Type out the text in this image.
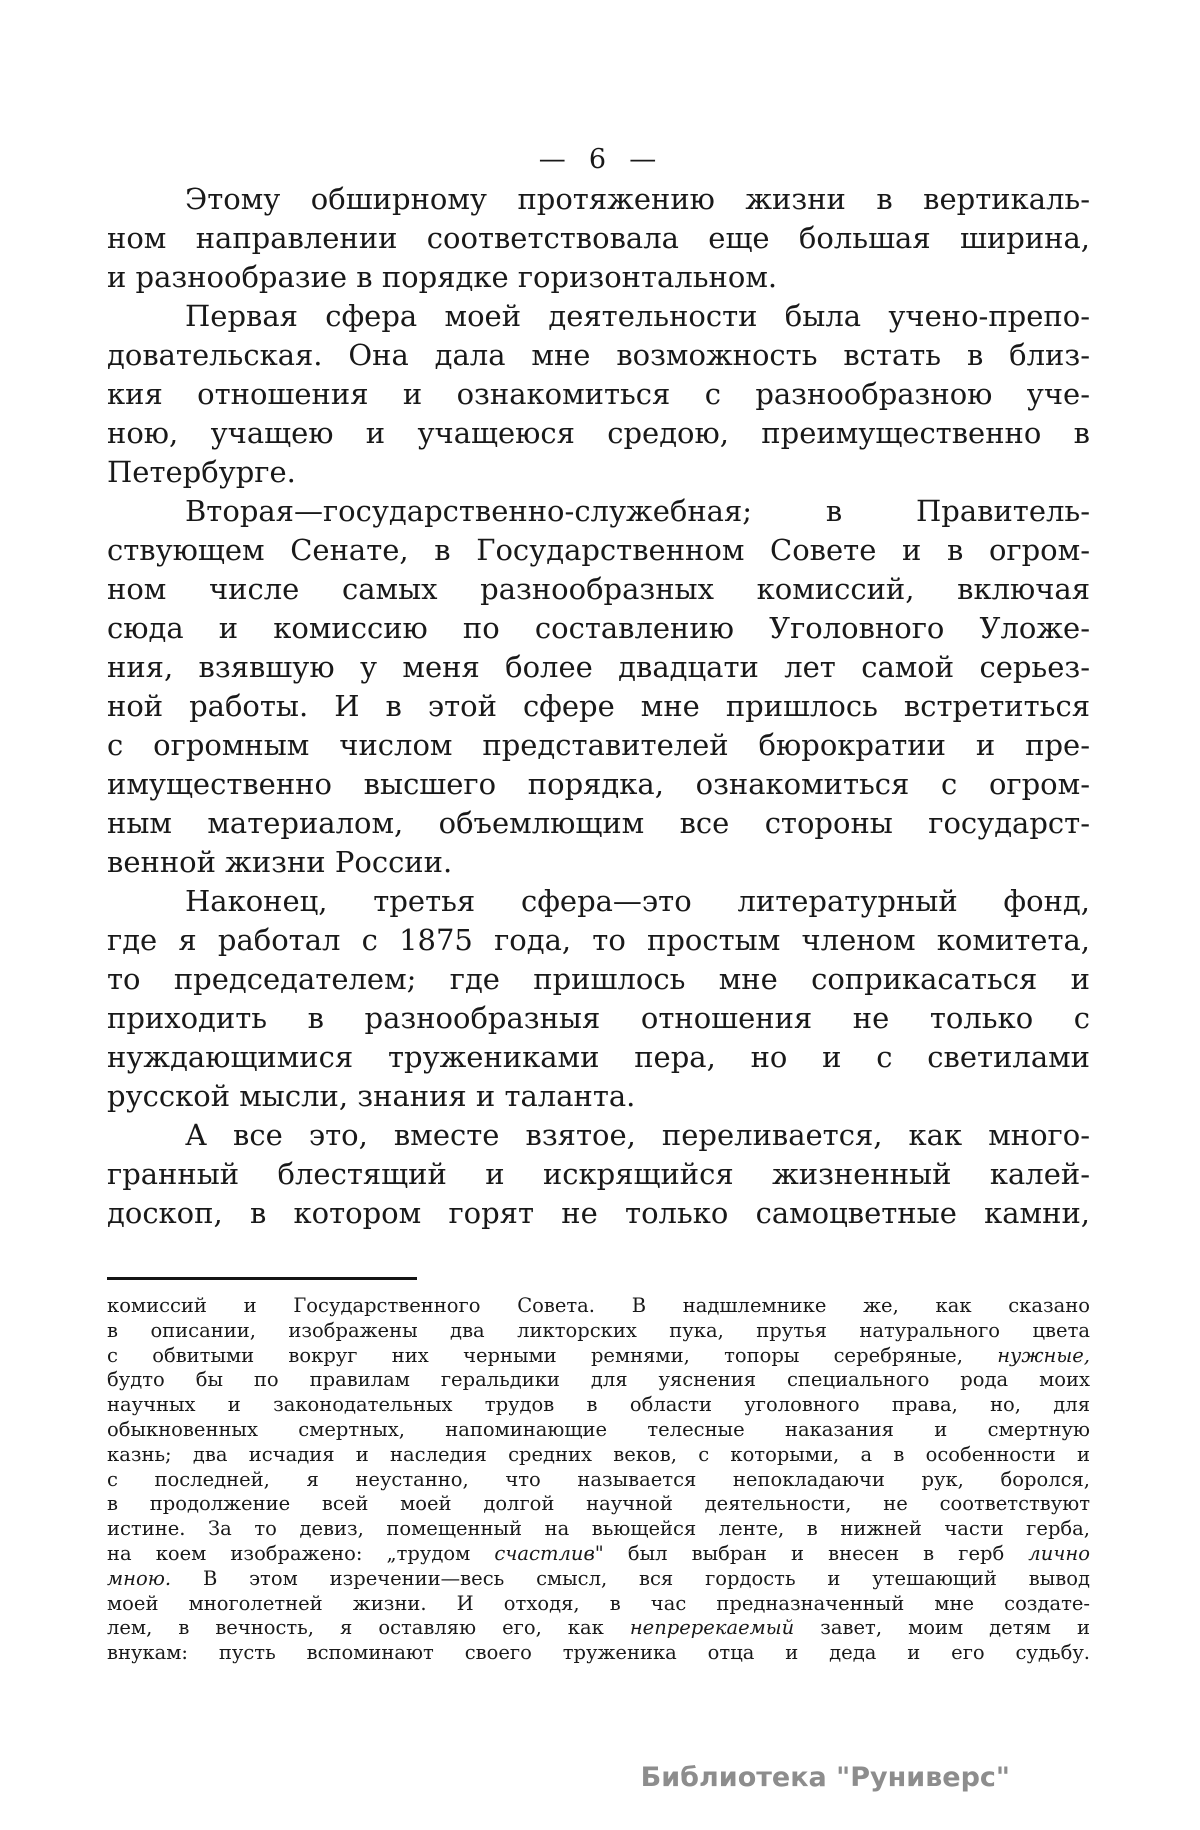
—  6  —
Этому обширному протяжению жизни в вертикаль-
ном направлении соответствовала еще большая ширина,
и разнообразие в порядке горизонтальном.
Первая сфера моей деятельности была учено-препо-
довательская. Она дала мне возможность встать в близ-
кия отношения и ознакомиться с разнообразною уче-
ною, учащею и учащеюся средою, преимущественно в
Петербурге.
Вторая—государственно-служебная; в Правитель-
ствующем Сенате, в Государственном Совете и в огром-
ном числе самых разнообразных комиссий, включая
сюда и комиссию по составлению Уголовного Уложе-
ния, взявшую у меня более двадцати лет самой серьез-
ной работы. И в этой сфере мне пришлось встретиться
с огромным числом представителей бюрократии и пре-
имущественно высшего порядка, ознакомиться с огром-
ным материалом, объемлющим все стороны государст-
венной жизни России.
Наконец, третья сфера—это литературный фонд,
где я работал с 1875 года, то простым членом комитета,
то председателем; где пришлось мне соприкасаться и
приходить в разнообразныя отношения не только с
нуждающимися тружениками пера, но и с светилами
русской мысли, знания и таланта.
А все это, вместе взятое, переливается, как много-
гранный блестящий и искрящийся жизненный калей-
доскоп, в котором горят не только самоцветные камни,
комиссий и Государственного Совета. В надшлемнике же, как сказано
в описании, изображены два ликторских пука, прутья натурального цвета
с обвитыми вокруг них черными ремнями, топоры серебряные, нужные,
будто бы по правилам геральдики для уяснения специального рода моих
научных и законодательных трудов в области уголовного права, но, для
обыкновенных смертных, напоминающие телесные наказания и смертную
казнь; два исчадия и наследия средних веков, с которыми, а в особенности и
с последней, я неустанно, что называется непокладаючи рук, боролся,
в продолжение всей моей долгой научной деятельности, не соответствуют
истине. За то девиз, помещенный на вьющейся ленте, в нижней части герба,
на коем изображено: „трудом счастлив" был выбран и внесен в герб лично
мною. В этом изречении—весь смысл, вся гордость и утешающий вывод
моей многолетней жизни. И отходя, в час предназначенный мне создате-
лем, в вечность, я оставляю его, как непререкаемый завет, моим детям и
внукам: пусть вспоминают своего труженика отца и деда и его судьбу.
Библиотека "Руниверс"
